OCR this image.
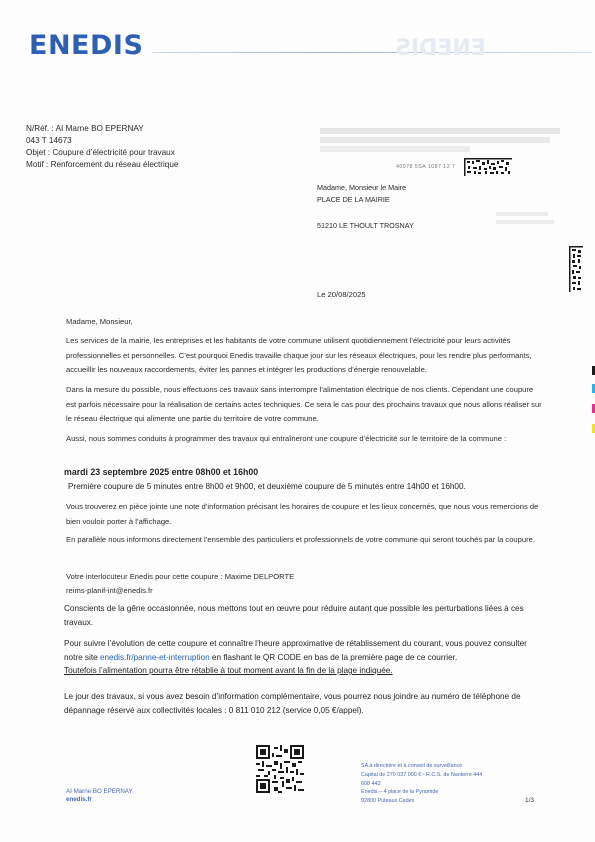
ENEDIS	ENEDIS
N/Réf. : AI Marne BO EPERNAY
043 T 14673
Objet : Coupure d’électricité pour travaux
Motif : Renforcement du réseau électrique	40078 5SA 1087 12 7
Madame, Monsieur le Maire
PLACE DE LA MAIRIE
51210 LE THOULT TROSNAY
Le 20/08/2025
Madame, Monsieur,
Les services de la mairie, les entreprises et les habitants de votre commune utilisent quotidiennement l’électricité pour leurs activités professionnelles et personnelles. C’est pourquoi Enedis travaille chaque jour sur les réseaux électriques, pour les rendre plus performants, accueillir les nouveaux raccordements, éviter les pannes et intégrer les productions d’énergie renouvelable.
Dans la mesure du possible, nous effectuons ces travaux sans interrompre l’alimentation électrique de nos clients. Cependant une coupure est parfois nécessaire pour la réalisation de certains actes techniques. Ce sera le cas pour des prochains travaux que nous allons réaliser sur le réseau électrique qui alimente une partie du territoire de votre commune.
Aussi, nous sommes conduits à programmer des travaux qui entraîneront une coupure d’électricité sur le territoire de la commune :
mardi 23 septembre 2025 entre 08h00 et 16h00
Première coupure de 5 minutes entre 8h00 et 9h00, et deuxième coupure de 5 minutes entre 14h00 et 16h00.
Vous trouverez en pièce jointe une note d’information précisant les horaires de coupure et les lieux concernés, que nous vous remercions de bien vouloir porter à l’affichage.
En parallèle nous informons directement l’ensemble des particuliers et professionnels de votre commune qui seront touchés par la coupure.
Votre interlocuteur Enedis pour cette coupure : Maxime DELPORTE
reims-planif-int@enedis.fr
Conscients de la gêne occasionnée, nous mettons tout en œuvre pour réduire autant que possible les perturbations liées à ces travaux.
Pour suivre l’évolution de cette coupure et connaître l’heure approximative de rétablissement du courant, vous pouvez consulter notre site enedis.fr/panne-et-interruption en flashant le QR CODE en bas de la première page de ce courrier.
Toutefois l’alimentation pourra être rétablie à tout moment avant la fin de la plage indiquée.
Le jour des travaux, si vous avez besoin d’information complémentaire, vous pourrez nous joindre au numéro de téléphone de dépannage réservé aux collectivités locales : 0 811 010 212 (service 0,05 €/appel).
AI Marne BO EPERNAY
enedis.fr
SA à directoire et à conseil de surveillance
Capital de 270 037 000 € - R.C.S. de Nanterre 444
608 443
Enedis – 4 place de la Pyramide
92800 Puteaux Cedex	1/3
